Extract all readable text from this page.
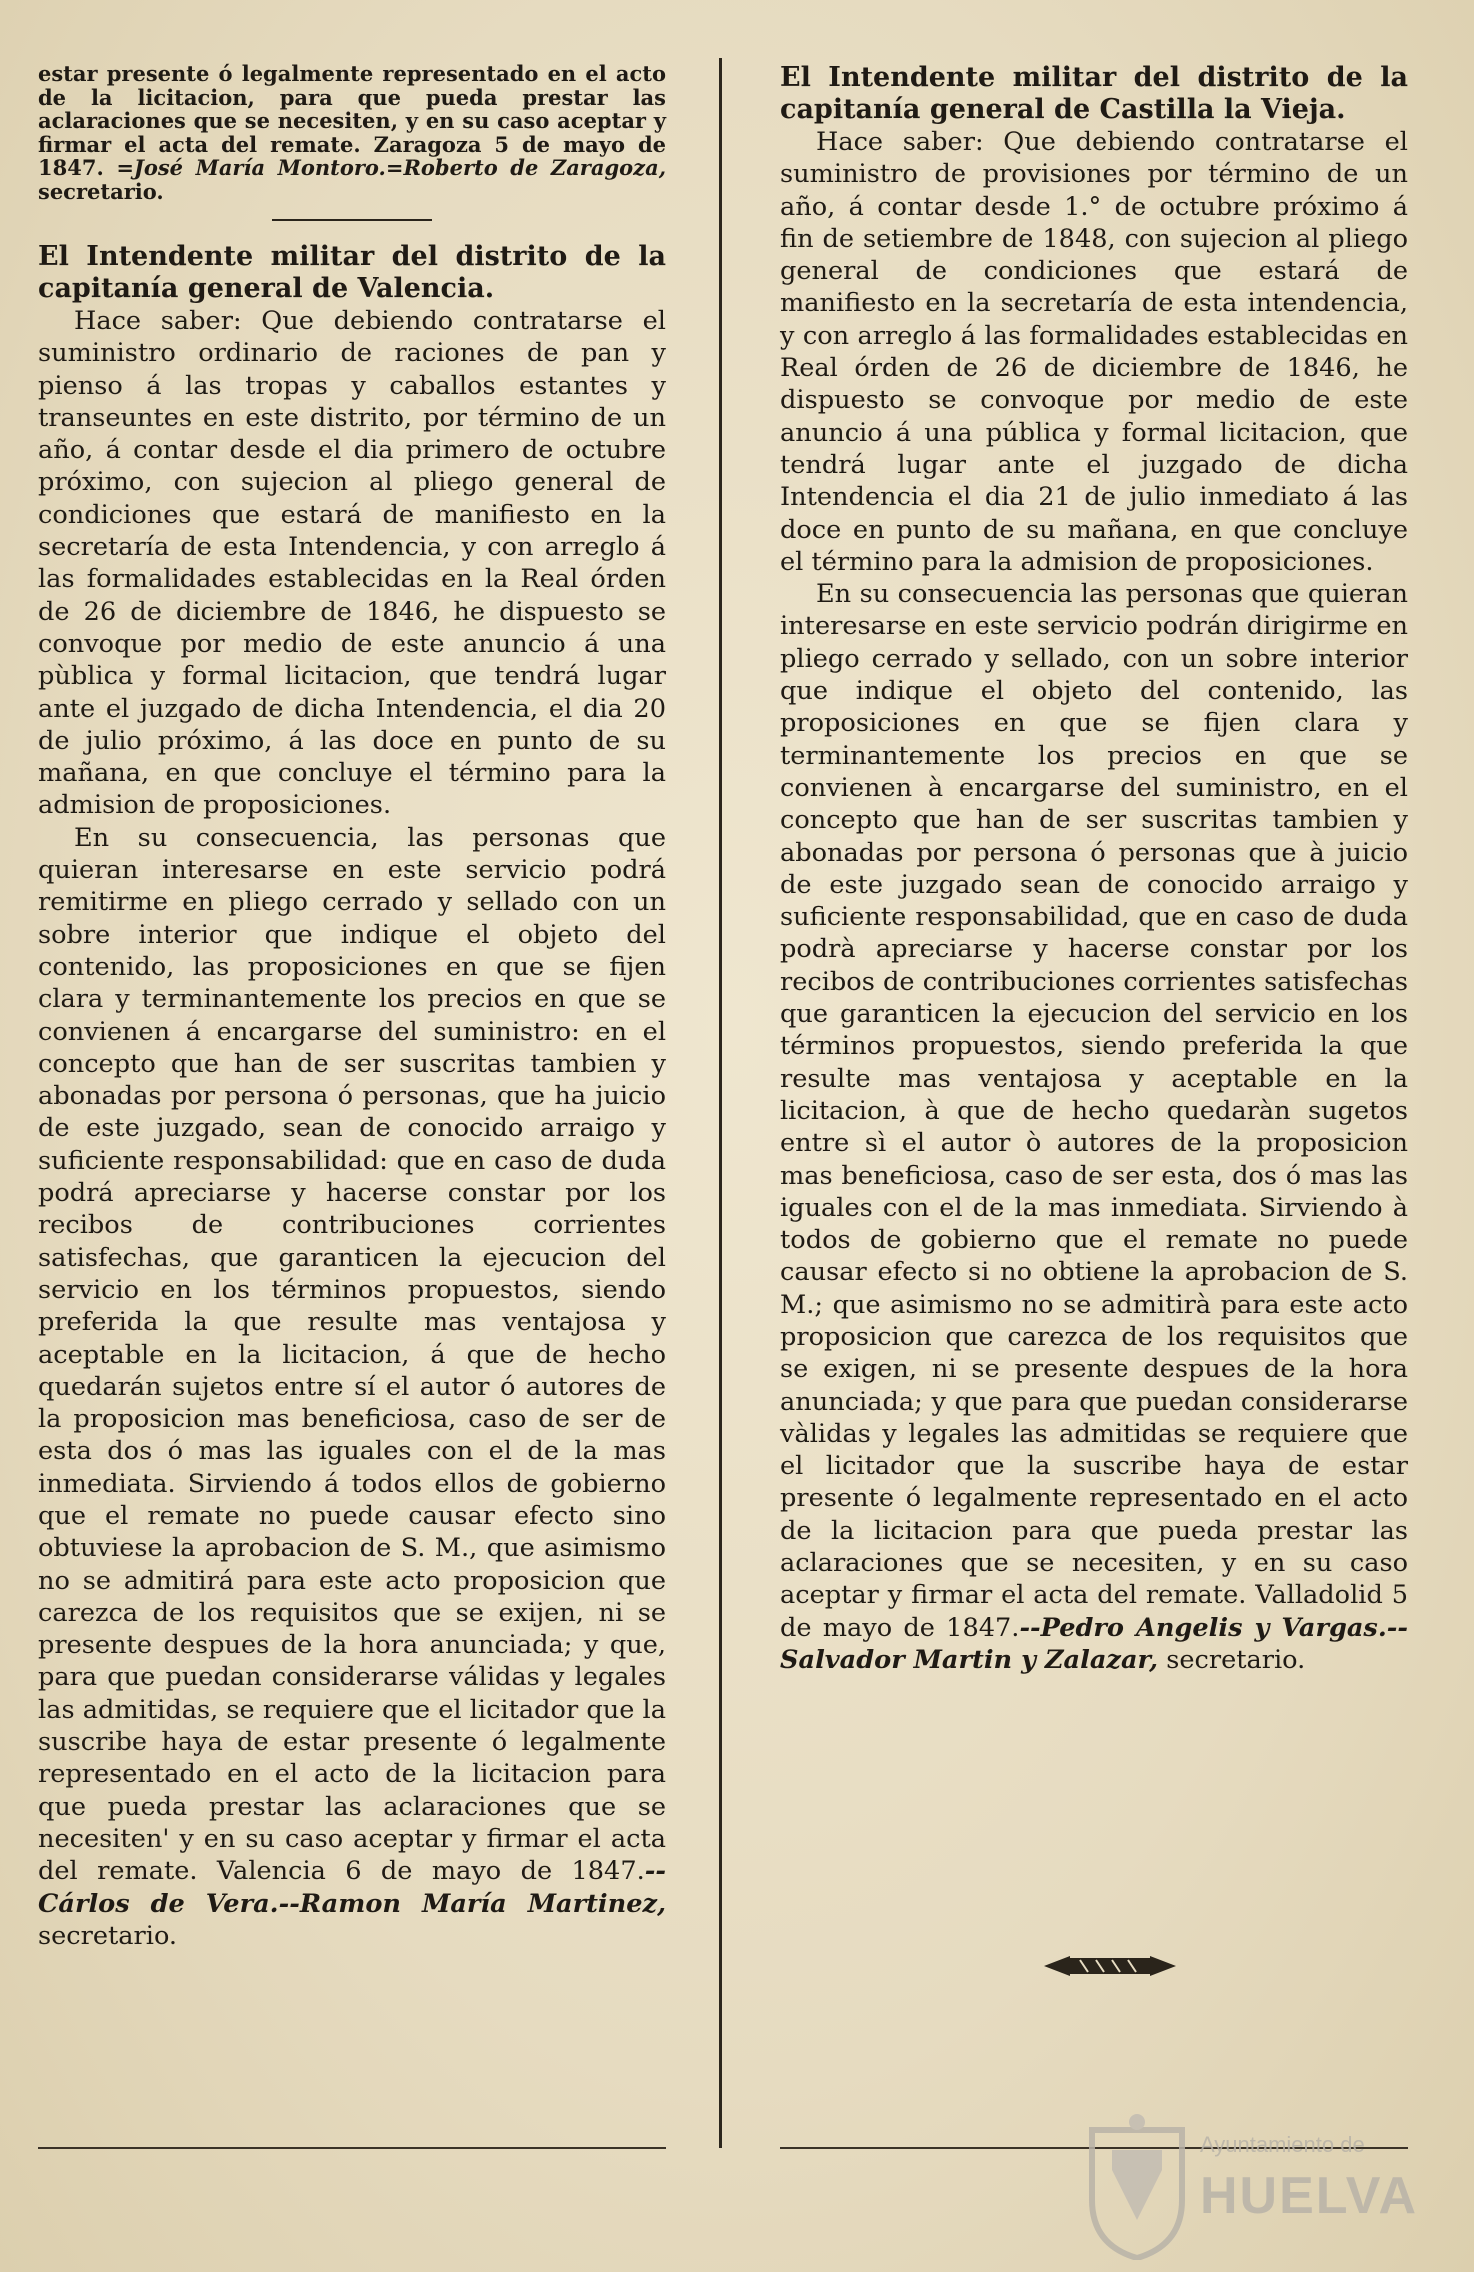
estar presente ó legalmente representado en el acto de la licitacion, para que pueda prestar las aclaraciones que se necesiten, y en su caso aceptar y firmar el acta del remate. Zaragoza 5 de mayo de 1847. =José María Montoro.=Roberto de Zaragoza, secretario.

El Intendente militar del distrito de la capitanía general de Valencia.

Hace saber: Que debiendo contratarse el suministro ordinario de raciones de pan y pienso á las tropas y caballos estantes y transeuntes en este distrito, por término de un año, á contar desde el dia primero de octubre próximo, con sujecion al pliego general de condiciones que estará de manifiesto en la secretaría de esta Intendencia, y con arreglo á las formalidades establecidas en la Real órden de 26 de diciembre de 1846, he dispuesto se convoque por medio de este anuncio á una pùblica y formal licitacion, que tendrá lugar ante el juzgado de dicha Intendencia, el dia 20 de julio próximo, á las doce en punto de su mañana, en que concluye el término para la admision de proposiciones.

En su consecuencia, las personas que quieran interesarse en este servicio podrá remitirme en pliego cerrado y sellado con un sobre interior que indique el objeto del contenido, las proposiciones en que se fijen clara y terminantemente los precios en que se convienen á encargarse del suministro: en el concepto que han de ser suscritas tambien y abonadas por persona ó personas, que ha juicio de este juzgado, sean de conocido arraigo y suficiente responsabilidad: que en caso de duda podrá apreciarse y hacerse constar por los recibos de contribuciones corrientes satisfechas, que garanticen la ejecucion del servicio en los términos propuestos, siendo preferida la que resulte mas ventajosa y aceptable en la licitacion, á que de hecho quedarán sujetos entre sí el autor ó autores de la proposicion mas beneficiosa, caso de ser de esta dos ó mas las iguales con el de la mas inmediata. Sirviendo á todos ellos de gobierno que el remate no puede causar efecto sino obtuviese la aprobacion de S. M., que asimismo no se admitirá para este acto proposicion que carezca de los requisitos que se exijen, ni se presente despues de la hora anunciada; y que, para que puedan considerarse válidas y legales las admitidas, se requiere que el licitador que la suscribe haya de estar presente ó legalmente representado en el acto de la licitacion para que pueda prestar las aclaraciones que se necesiten' y en su caso aceptar y firmar el acta del remate. Valencia 6 de mayo de 1847.--Cárlos de Vera.--Ramon María Martinez, secretario.

El Intendente militar del distrito de la capitanía general de Castilla la Vieja.

Hace saber: Que debiendo contratarse el suministro de provisiones por término de un año, á contar desde 1.° de octubre próximo á fin de setiembre de 1848, con sujecion al pliego general de condiciones que estará de manifiesto en la secretaría de esta intendencia, y con arreglo á las formalidades establecidas en Real órden de 26 de diciembre de 1846, he dispuesto se convoque por medio de este anuncio á una pública y formal licitacion, que tendrá lugar ante el juzgado de dicha Intendencia el dia 21 de julio inmediato á las doce en punto de su mañana, en que concluye el término para la admision de proposiciones.

En su consecuencia las personas que quieran interesarse en este servicio podrán dirigirme en pliego cerrado y sellado, con un sobre interior que indique el objeto del contenido, las proposiciones en que se fijen clara y terminantemente los precios en que se convienen à encargarse del suministro, en el concepto que han de ser suscritas tambien y abonadas por persona ó personas que à juicio de este juzgado sean de conocido arraigo y suficiente responsabilidad, que en caso de duda podrà apreciarse y hacerse constar por los recibos de contribuciones corrientes satisfechas que garanticen la ejecucion del servicio en los términos propuestos, siendo preferida la que resulte mas ventajosa y aceptable en la licitacion, à que de hecho quedaràn sugetos entre sì el autor ò autores de la proposicion mas beneficiosa, caso de ser esta, dos ó mas las iguales con el de la mas inmediata. Sirviendo à todos de gobierno que el remate no puede causar efecto si no obtiene la aprobacion de S. M.; que asimismo no se admitirà para este acto proposicion que carezca de los requisitos que se exigen, ni se presente despues de la hora anunciada; y que para que puedan considerarse vàlidas y legales las admitidas se requiere que el licitador que la suscribe haya de estar presente ó legalmente representado en el acto de la licitacion para que pueda prestar las aclaraciones que se necesiten, y en su caso aceptar y firmar el acta del remate. Valladolid 5 de mayo de 1847.--Pedro Angelis y Vargas.--Salvador Martin y Zalazar, secretario.

Ayuntamiento de
HUELVA
